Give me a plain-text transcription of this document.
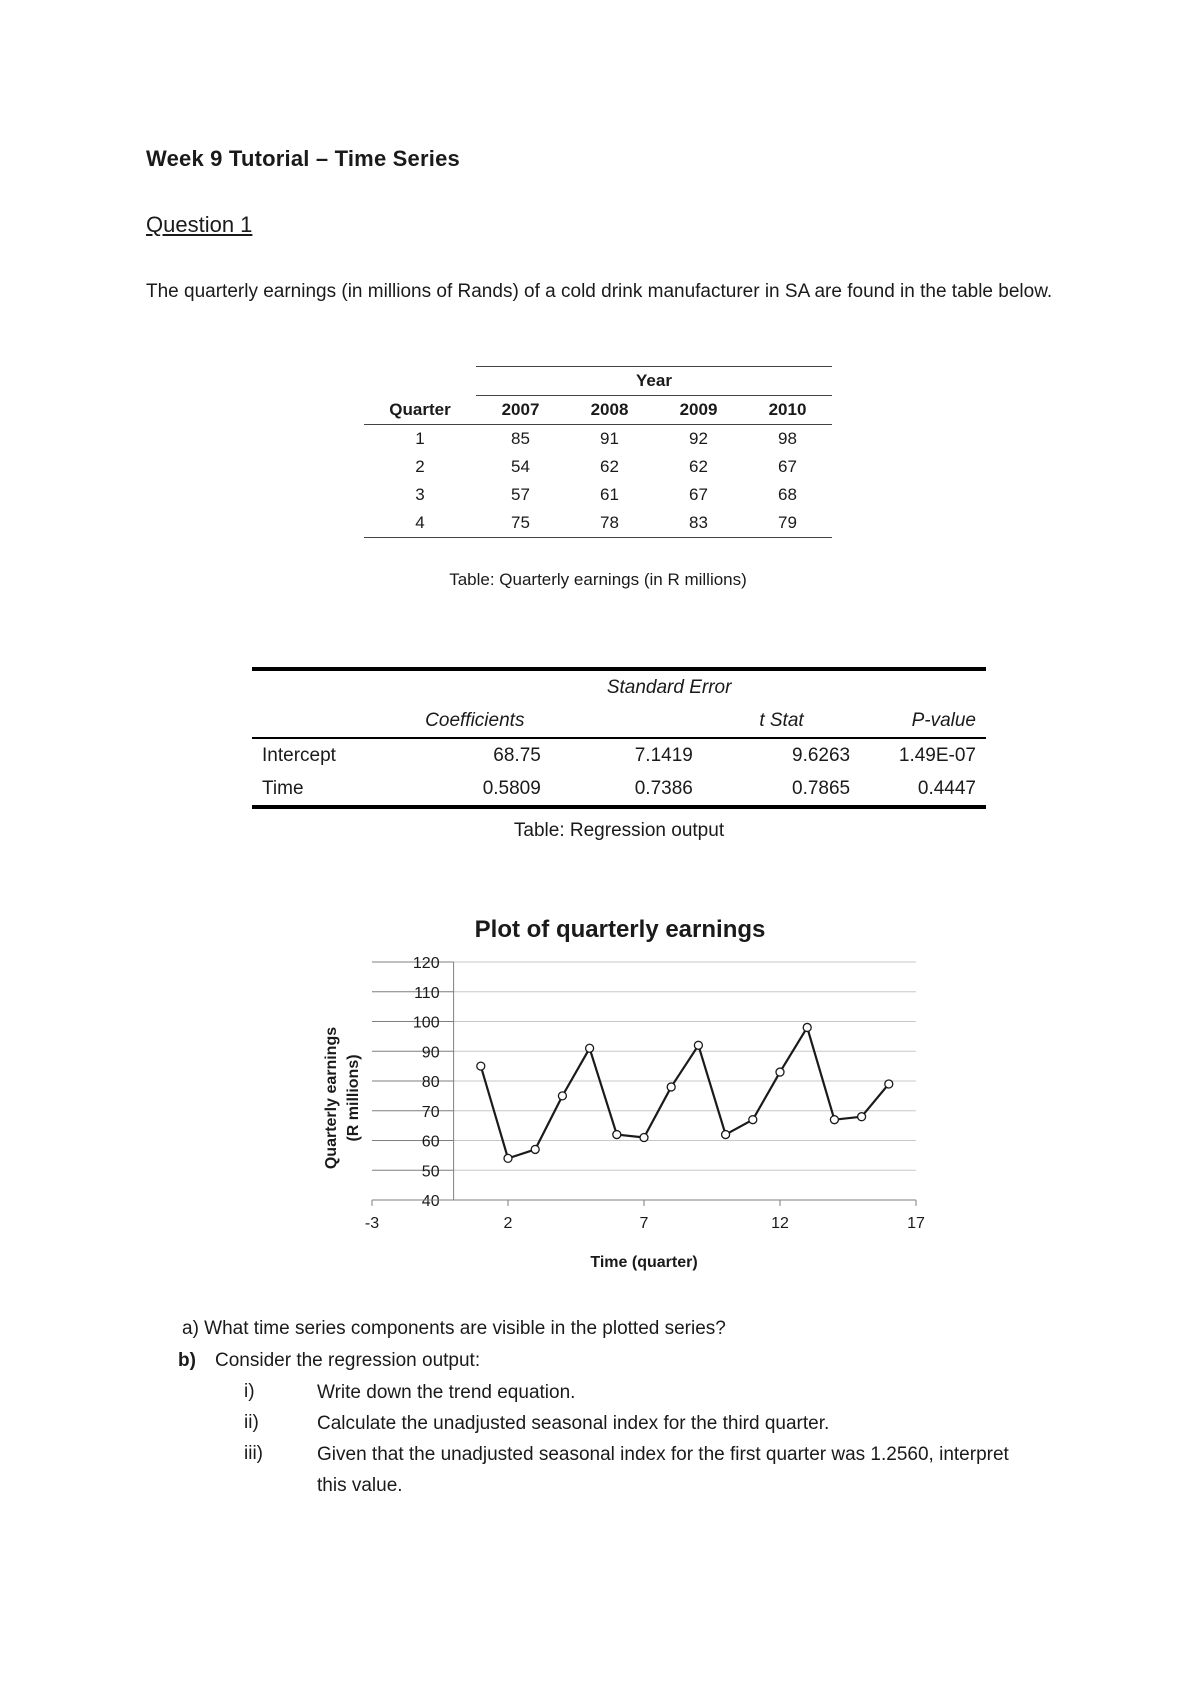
Week 9 Tutorial – Time Series
Question 1
The quarterly earnings (in millions of Rands) of a cold drink manufacturer in SA are found in the table below.
	Year			
Quarter	2007	2008	2009	2010
1	85	91	92	98
2	54	62	62	67
3	57	61	67	68
4	75	78	83	79
Table: Quarterly earnings (in R millions)

		Standard Error		
	Coefficients		t Stat	P-value
Intercept	68.75	7.1419	9.6263	1.49E-07
Time	0.5809	0.7386	0.7865	0.4447
Table: Regression output
Plot of quarterly earnings
40
50
60
70
80
90
100
110
120
-3	2	7	12	17
Time (quarter)
Quarterly earnings (R millions)
a) What time series components are visible in the plotted series?
b) Consider the regression output:
i)	Write down the trend equation.
ii)	Calculate the unadjusted seasonal index for the third quarter.
iii)	Given that the unadjusted seasonal index for the first quarter was 1.2560, interpret this value.
